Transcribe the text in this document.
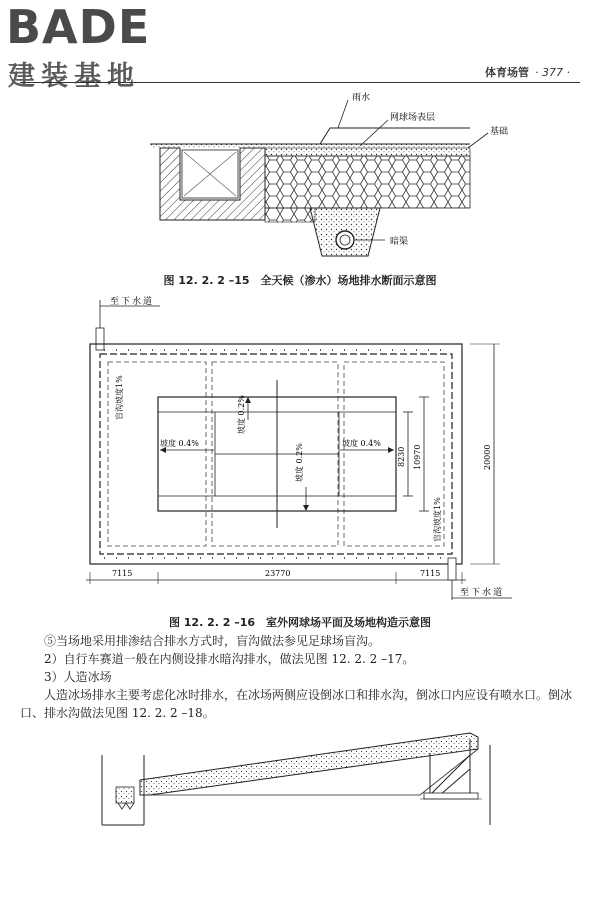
BADE
建装基地	体育场管 · 377 ·
雨水
网球场表层
基础
暗渠
图 12. 2. 2 –15　全天候（渗水）场地排水断面示意图
至下水道
坡度 0.4%	坡度 0.4%
坡度 0.2%
坡度 0.2%
盲沟坡度1%
盲沟坡度1%
8230 10970	20000
7115	23770	7115
至下水道
图 12. 2. 2 –16　室外网球场平面及场地构造示意图

⑤当场地采用排渗结合排水方式时，盲沟做法参见足球场盲沟。

2）自行车赛道一般在内侧设排水暗沟排水，做法见图 12. 2. 2 –17。

3）人造冰场

人造冰场排水主要考虑化冰时排水，在冰场两侧应设倒冰口和排水沟，倒冰口内应设有喷水口。倒冰口、排水沟做法见图 12. 2. 2 –18。
